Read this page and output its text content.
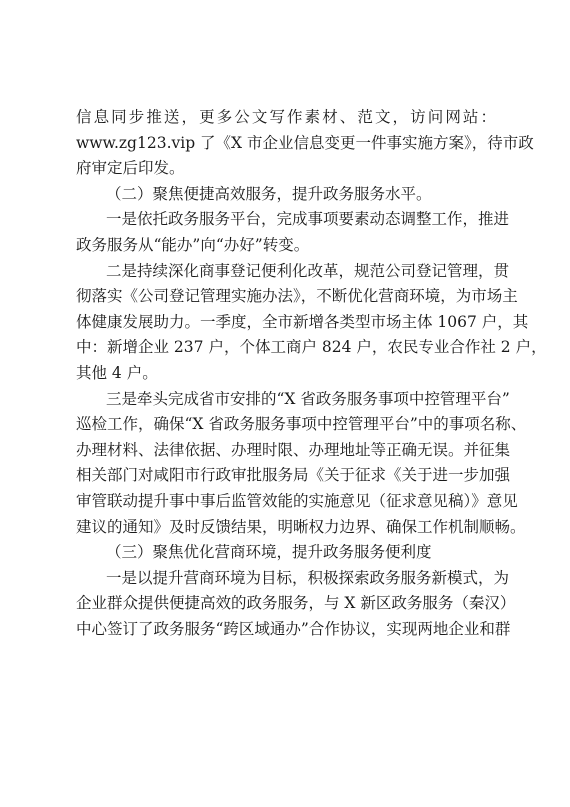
信息同步推送，更多公文写作素材、范文，访问网站：
www.zg123.vip 了《X 市企业信息变更一件事实施方案》，待市政
府审定后印发。
（二）聚焦便捷高效服务，提升政务服务水平。
一是依托政务服务平台，完成事项要素动态调整工作，推进
政务服务从“能办”向“办好”转变。
二是持续深化商事登记便利化改革，规范公司登记管理，贯
彻落实《公司登记管理实施办法》，不断优化营商环境，为市场主
体健康发展助力。一季度，全市新增各类型市场主体 1067 户，其
中：新增企业 237 户，个体工商户 824 户，农民专业合作社 2 户，
其他 4 户。
三是牵头完成省市安排的“X 省政务服务事项中控管理平台”
巡检工作，确保“X 省政务服务事项中控管理平台”中的事项名称、
办理材料、法律依据、办理时限、办理地址等正确无误。并征集
相关部门对咸阳市行政审批服务局《关于征求《关于进一步加强
审管联动提升事中事后监管效能的实施意见（征求意见稿）》意见
建议的通知》及时反馈结果，明晰权力边界、确保工作机制顺畅。
（三）聚焦优化营商环境，提升政务服务便利度
一是以提升营商环境为目标，积极探索政务服务新模式，为
企业群众提供便捷高效的政务服务，与 X 新区政务服务（秦汉）
中心签订了政务服务“跨区域通办”合作协议，实现两地企业和群
